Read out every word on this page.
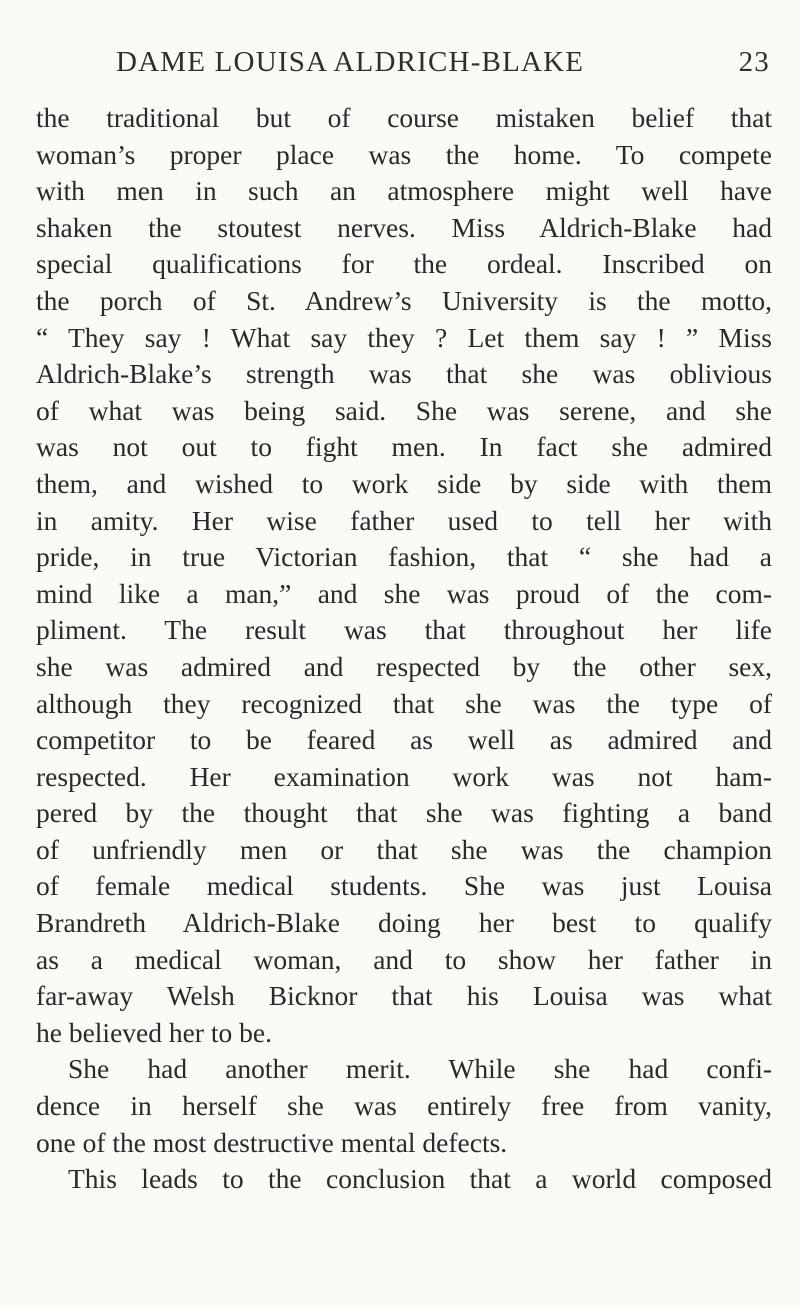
DAME LOUISA ALDRICH-BLAKE	23
the traditional but of course mistaken belief that
woman’s proper place was the home. To compete
with men in such an atmosphere might well have
shaken the stoutest nerves. Miss Aldrich-Blake had
special qualifications for the ordeal. Inscribed on
the porch of St. Andrew’s University is the motto,
“ They say ! What say they ? Let them say ! ” Miss
Aldrich-Blake’s strength was that she was oblivious
of what was being said. She was serene, and she
was not out to fight men. In fact she admired
them, and wished to work side by side with them
in amity. Her wise father used to tell her with
pride, in true Victorian fashion, that “ she had a
mind like a man,” and she was proud of the com-
pliment. The result was that throughout her life
she was admired and respected by the other sex,
although they recognized that she was the type of
competitor to be feared as well as admired and
respected. Her examination work was not ham-
pered by the thought that she was fighting a band
of unfriendly men or that she was the champion
of female medical students. She was just Louisa
Brandreth Aldrich-Blake doing her best to qualify
as a medical woman, and to show her father in
far-away Welsh Bicknor that his Louisa was what
he believed her to be.
She had another merit. While she had confi-
dence in herself she was entirely free from vanity,
one of the most destructive mental defects.
This leads to the conclusion that a world composed
